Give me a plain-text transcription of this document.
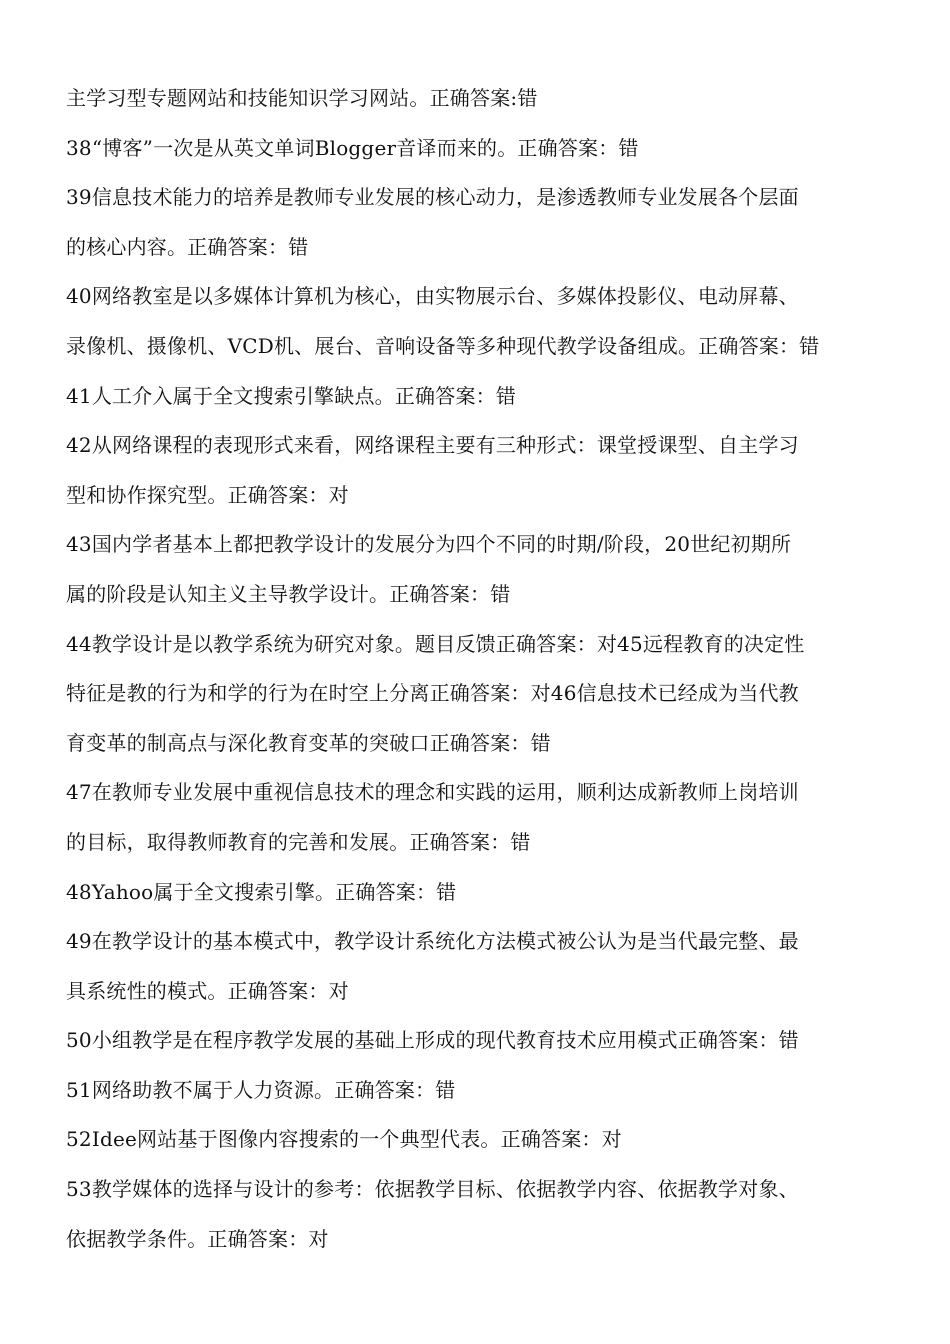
主学习型专题网站和技能知识学习网站。正确答案:错
38“博客”一次是从英文单词Blogger音译而来的。正确答案：错
39信息技术能力的培养是教师专业发展的核心动力，是渗透教师专业发展各个层面
的核心内容。正确答案：错
40网络教室是以多媒体计算机为核心，由实物展示台、多媒体投影仪、电动屏幕、
录像机、摄像机、VCD机、展台、音响设备等多种现代教学设备组成。正确答案：错
41人工介入属于全文搜索引擎缺点。正确答案：错
42从网络课程的表现形式来看，网络课程主要有三种形式：课堂授课型、自主学习
型和协作探究型。正确答案：对
43国内学者基本上都把教学设计的发展分为四个不同的时期/阶段，20世纪初期所
属的阶段是认知主义主导教学设计。正确答案：错
44教学设计是以教学系统为研究对象。题目反馈正确答案：对45远程教育的决定性
特征是教的行为和学的行为在时空上分离正确答案：对46信息技术已经成为当代教
育变革的制高点与深化教育变革的突破口正确答案：错
47在教师专业发展中重视信息技术的理念和实践的运用，顺利达成新教师上岗培训
的目标，取得教师教育的完善和发展。正确答案：错
48Yahoo属于全文搜索引擎。正确答案：错
49在教学设计的基本模式中，教学设计系统化方法模式被公认为是当代最完整、最
具系统性的模式。正确答案：对
50小组教学是在程序教学发展的基础上形成的现代教育技术应用模式正确答案：错
51网络助教不属于人力资源。正确答案：错
52Idee网站基于图像内容搜索的一个典型代表。正确答案：对
53教学媒体的选择与设计的参考：依据教学目标、依据教学内容、依据教学对象、
依据教学条件。正确答案：对
